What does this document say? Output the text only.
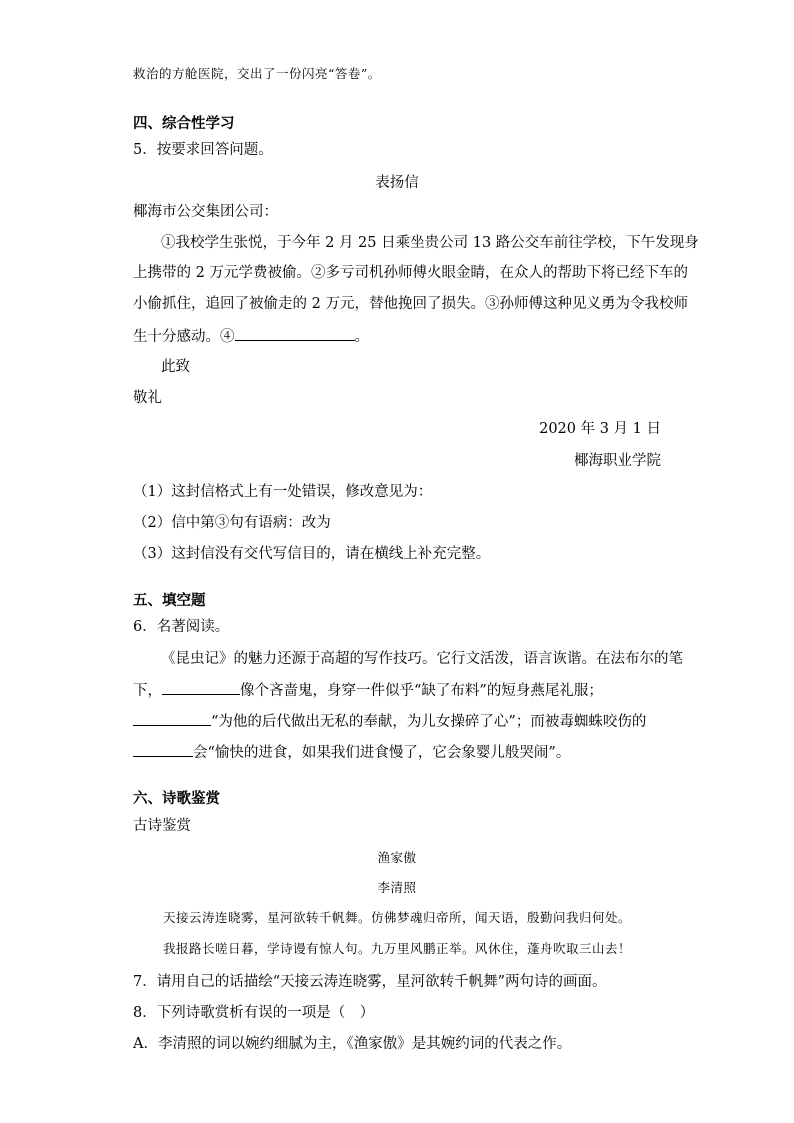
救治的方舱医院，交出了一份闪亮“答卷”。
四、综合性学习
5．按要求回答问题。
表扬信
椰海市公交集团公司：
①我校学生张悦，于今年 2 月 25 日乘坐贵公司 13 路公交车前往学校，下午发现身
上携带的 2 万元学费被偷。②多亏司机孙师傅火眼金睛，在众人的帮助下将已经下车的
小偷抓住，追回了被偷走的 2 万元，替他挽回了损失。③孙师傅这种见义勇为令我校师
生十分感动。④	。
此致
敬礼
2020 年 3 月 1 日
椰海职业学院
（1）这封信格式上有一处错误，修改意见为：
（2）信中第③句有语病：改为
（3）这封信没有交代写信目的，请在横线上补充完整。
五、填空题
6．名著阅读。
《昆虫记》的魅力还源于高超的写作技巧。它行文活泼，语言诙谐。在法布尔的笔
下，	像个吝啬鬼，身穿一件似乎“缺了布料”的短身燕尾礼服；
“为他的后代做出无私的奉献，为儿女操碎了心”；而被毒蜘蛛咬伤的
会“愉快的进食，如果我们进食慢了，它会象婴儿般哭闹”。
六、诗歌鉴赏
古诗鉴赏
渔家傲
李清照
天接云涛连晓雾，星河欲转千帆舞。仿佛梦魂归帝所，闻天语，殷勤问我归何处。
我报路长嗟日暮，学诗谩有惊人句。九万里风鹏正举。风休住，蓬舟吹取三山去！
7．请用自己的话描绘“天接云涛连晓雾，星河欲转千帆舞”两句诗的画面。
8．下列诗歌赏析有误的一项是（　）
A．李清照的词以婉约细腻为主，《渔家傲》是其婉约词的代表之作。
